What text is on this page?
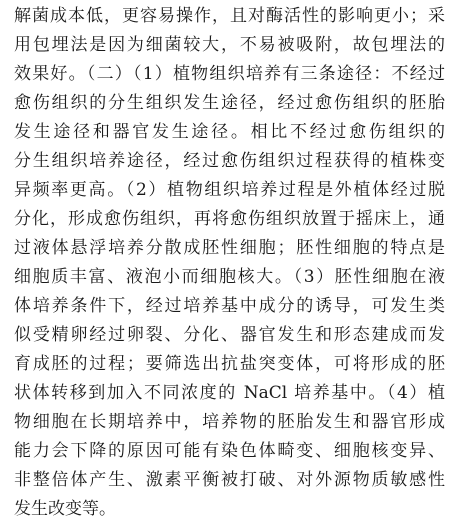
解菌成本低，更容易操作，且对酶活性的影响更小；采
用包埋法是因为细菌较大，不易被吸附，故包埋法的
效果好。（二）（1）植物组织培养有三条途径：不经过
愈伤组织的分生组织发生途径，经过愈伤组织的胚胎
发生途径和器官发生途径。相比不经过愈伤组织的
分生组织培养途径，经过愈伤组织过程获得的植株变
异频率更高。（2）植物组织培养过程是外植体经过脱
分化，形成愈伤组织，再将愈伤组织放置于摇床上，通
过液体悬浮培养分散成胚性细胞；胚性细胞的特点是
细胞质丰富、液泡小而细胞核大。（3）胚性细胞在液
体培养条件下，经过培养基中成分的诱导，可发生类
似受精卵经过卵裂、分化、器官发生和形态建成而发
育成胚的过程；要筛选出抗盐突变体，可将形成的胚
状体转移到加入不同浓度的 NaCl 培养基中。（4）植
物细胞在长期培养中，培养物的胚胎发生和器官形成
能力会下降的原因可能有染色体畸变、细胞核变异、
非整倍体产生、激素平衡被打破、对外源物质敏感性
发生改变等。
